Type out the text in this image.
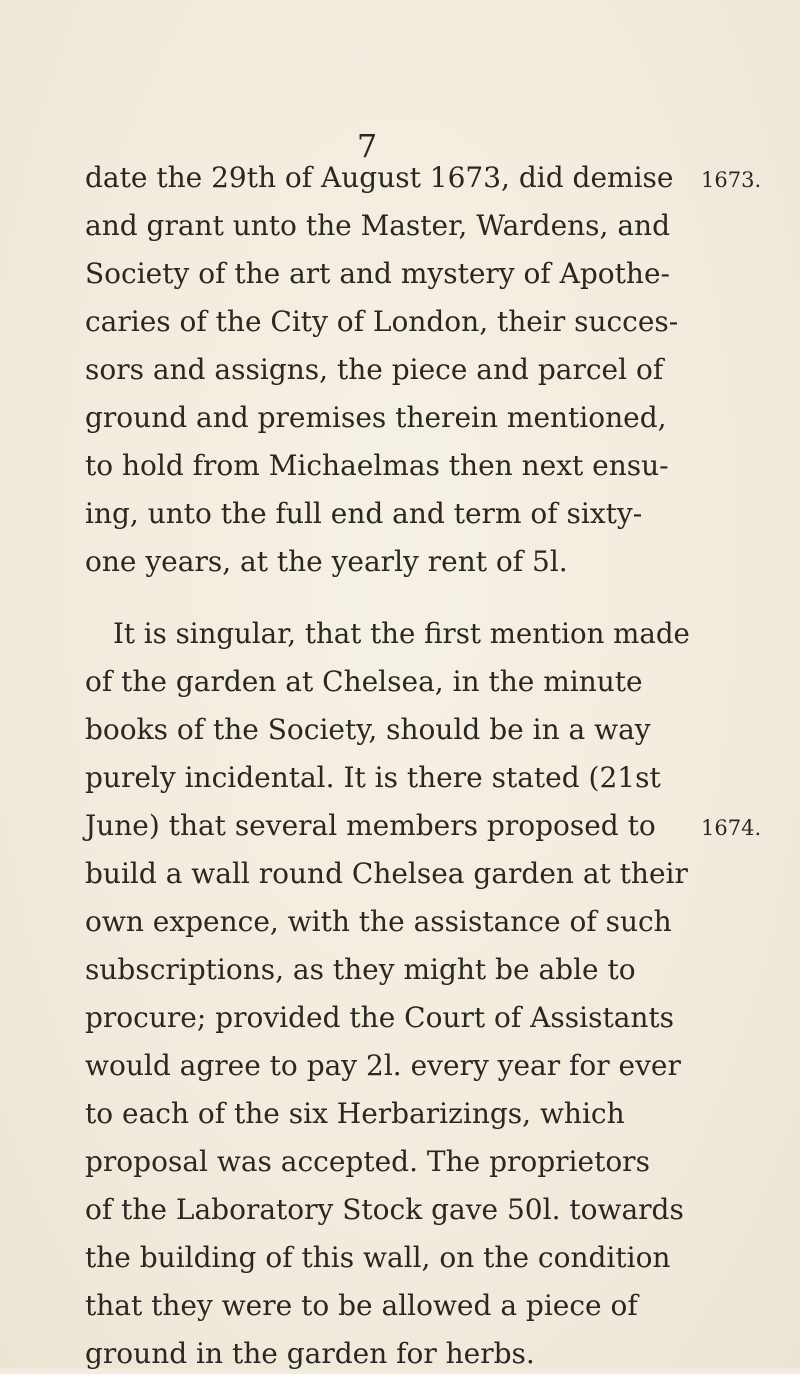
7
date the 29th of August 1673, did demise
and grant unto the Master, Wardens, and
Society of the art and mystery of Apothe-
caries of the City of London, their succes-
sors and assigns, the piece and parcel of
ground and premises therein mentioned,
to hold from Michaelmas then next ensu-
ing, unto the full end and term of sixty-
one years, at the yearly rent of 5l.
It is singular, that the first mention made
of the garden at Chelsea, in the minute
books of the Society, should be in a way
purely incidental. It is there stated (21st
June) that several members proposed to
build a wall round Chelsea garden at their
own expence, with the assistance of such
subscriptions, as they might be able to
procure; provided the Court of Assistants
would agree to pay 2l. every year for ever
to each of the six Herbarizings, which
proposal was accepted. The proprietors
of the Laboratory Stock gave 50l. towards
the building of this wall, on the condition
that they were to be allowed a piece of
ground in the garden for herbs.
1673.
1674.
